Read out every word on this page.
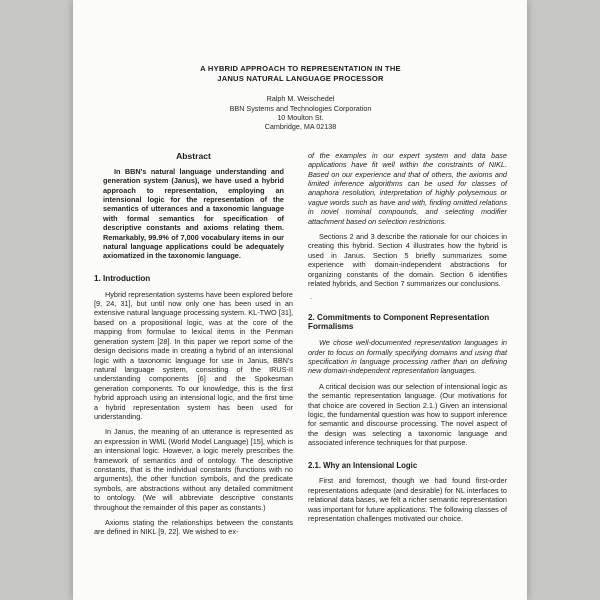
A HYBRID APPROACH TO REPRESENTATION IN THE
JANUS NATURAL LANGUAGE PROCESSOR
Ralph M. Weischedel
BBN Systems and Technologies Corporation
10 Moulton St.
Cambridge, MA 02138
Abstract

In BBN's natural language understanding and generation system (Janus), we have used a hybrid approach to representation, employing an intensional logic for the representation of the semantics of utterances and a taxonomic language with formal semantics for specification of descriptive constants and axioms relating them. Remarkably, 99.9% of 7,000 vocabulary items in our natural language applications could be adequately axiomatized in the taxonomic language.

1. Introduction

Hybrid representation systems have been explored before [9, 24, 31], but until now only one has been used in an extensive natural language processing system. KL-TWO [31], based on a propositional logic, was at the core of the mapping from formulae to lexical items in the Penman generation system [28]. In this paper we report some of the design decisions made in creating a hybrid of an intensional logic with a taxonomic language for use in Janus, BBN's natural language system, consisting of the IRUS-II understanding components [6] and the Spokesman generation components. To our knowledge, this is the first hybrid approach using an intensional logic, and the first time a hybrid representation system has been used for understanding.

In Janus, the meaning of an utterance is represented as an expression in WML (World Model Language) [15], which is an intensional logic. However, a logic merely prescribes the framework of semantics and of ontology. The descriptive constants, that is the individual constants (functions with no arguments), the other function symbols, and the predicate symbols, are abstractions without any detailed commitment to ontology. (We will abbreviate descriptive constants throughout the remainder of this paper as constants.)

Axioms stating the relationships between the constants are defined in NIKL [9, 22]. We wished to ex-

of the examples in our expert system and data base applications have fit well within the constraints of NIKL. Based on our experience and that of others, the axioms and limited inference algorithms can be used for classes of anaphora resolution, interpretation of highly polysemous or vague words such as have and with, finding omitted relations in novel nominal compounds, and selecting modifier attachment based on selection restrictions.

Sections 2 and 3 describe the rationale for our choices in creating this hybrid. Section 4 illustrates how the hybrid is used in Janus. Section 5 briefly summarizes some experience with domain-independent abstractions for organizing constants of the domain. Section 6 identifies related hybrids, and Section 7 summarizes our conclusions.

.

2. Commitments to Component Representation Formalisms

We chose well-documented representation languages in order to focus on formally specifying domains and using that specification in language processing rather than on defining new domain-independent representation languages.

A critical decision was our selection of intensional logic as the semantic representation language. (Our motivations for that choice are covered in Section 2.1.) Given an intensional logic, the fundamental question was how to support inference for semantic and discourse processing. The novel aspect of the design was selecting a taxonomic language and associated inference techniques for that purpose.

2.1. Why an Intensional Logic

First and foremost, though we had found first-order representations adequate (and desirable) for NL interfaces to relational data bases, we felt a richer semantic representation was important for future applications. The following classes of representation challenges motivated our choice.
